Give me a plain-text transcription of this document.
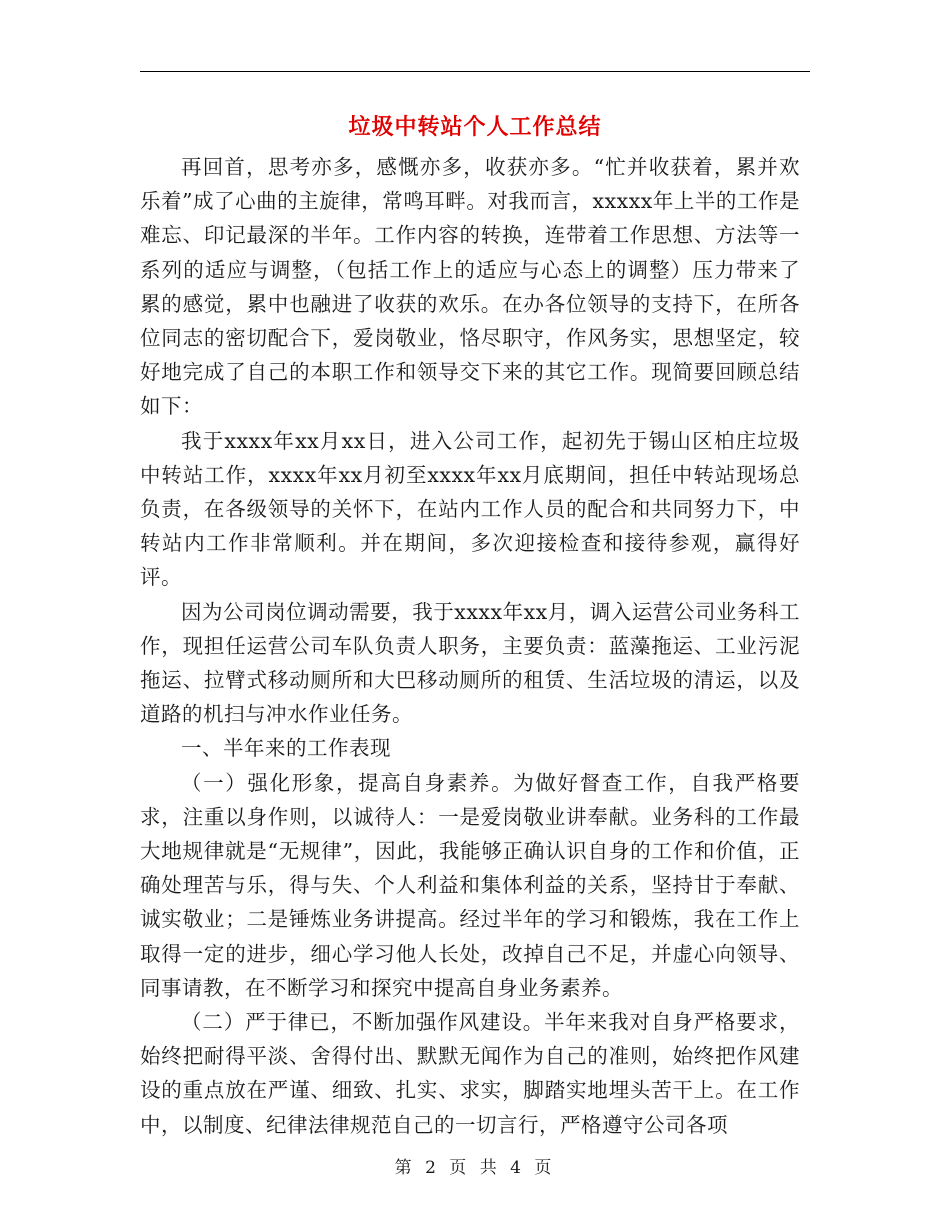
垃圾中转站个人工作总结

再回首，思考亦多，感慨亦多，收获亦多。“忙并收获着，累并欢乐着”成了心曲的主旋律，常鸣耳畔。对我而言，xxxxx年上半的工作是难忘、印记最深的半年。工作内容的转换，连带着工作思想、方法等一系列的适应与调整，（包括工作上的适应与心态上的调整）压力带来了累的感觉，累中也融进了收获的欢乐。在办各位领导的支持下，在所各位同志的密切配合下，爱岗敬业，恪尽职守，作风务实，思想坚定，较好地完成了自己的本职工作和领导交下来的其它工作。现简要回顾总结如下：

我于xxxx年xx月xx日，进入公司工作，起初先于锡山区柏庄垃圾中转站工作，xxxx年xx月初至xxxx年xx月底期间，担任中转站现场总负责，在各级领导的关怀下，在站内工作人员的配合和共同努力下，中转站内工作非常顺利。并在期间，多次迎接检查和接待参观，赢得好评。

因为公司岗位调动需要，我于xxxx年xx月，调入运营公司业务科工作，现担任运营公司车队负责人职务，主要负责：蓝藻拖运、工业污泥拖运、拉臂式移动厕所和大巴移动厕所的租赁、生活垃圾的清运，以及道路的机扫与冲水作业任务。

一、半年来的工作表现

（一）强化形象，提高自身素养。为做好督查工作，自我严格要求，注重以身作则，以诚待人：一是爱岗敬业讲奉献。业务科的工作最大地规律就是“无规律”，因此，我能够正确认识自身的工作和价值，正确处理苦与乐，得与失、个人利益和集体利益的关系，坚持甘于奉献、诚实敬业；二是锤炼业务讲提高。经过半年的学习和锻炼，我在工作上取得一定的进步，细心学习他人长处，改掉自己不足，并虚心向领导、同事请教，在不断学习和探究中提高自身业务素养。

（二）严于律已，不断加强作风建设。半年来我对自身严格要求，始终把耐得平淡、舍得付出、默默无闻作为自己的准则，始终把作风建设的重点放在严谨、细致、扎实、求实，脚踏实地埋头苦干上。在工作中，以制度、纪律法律规范自己的一切言行，严格遵守公司各项

第 2 页 共 4 页
